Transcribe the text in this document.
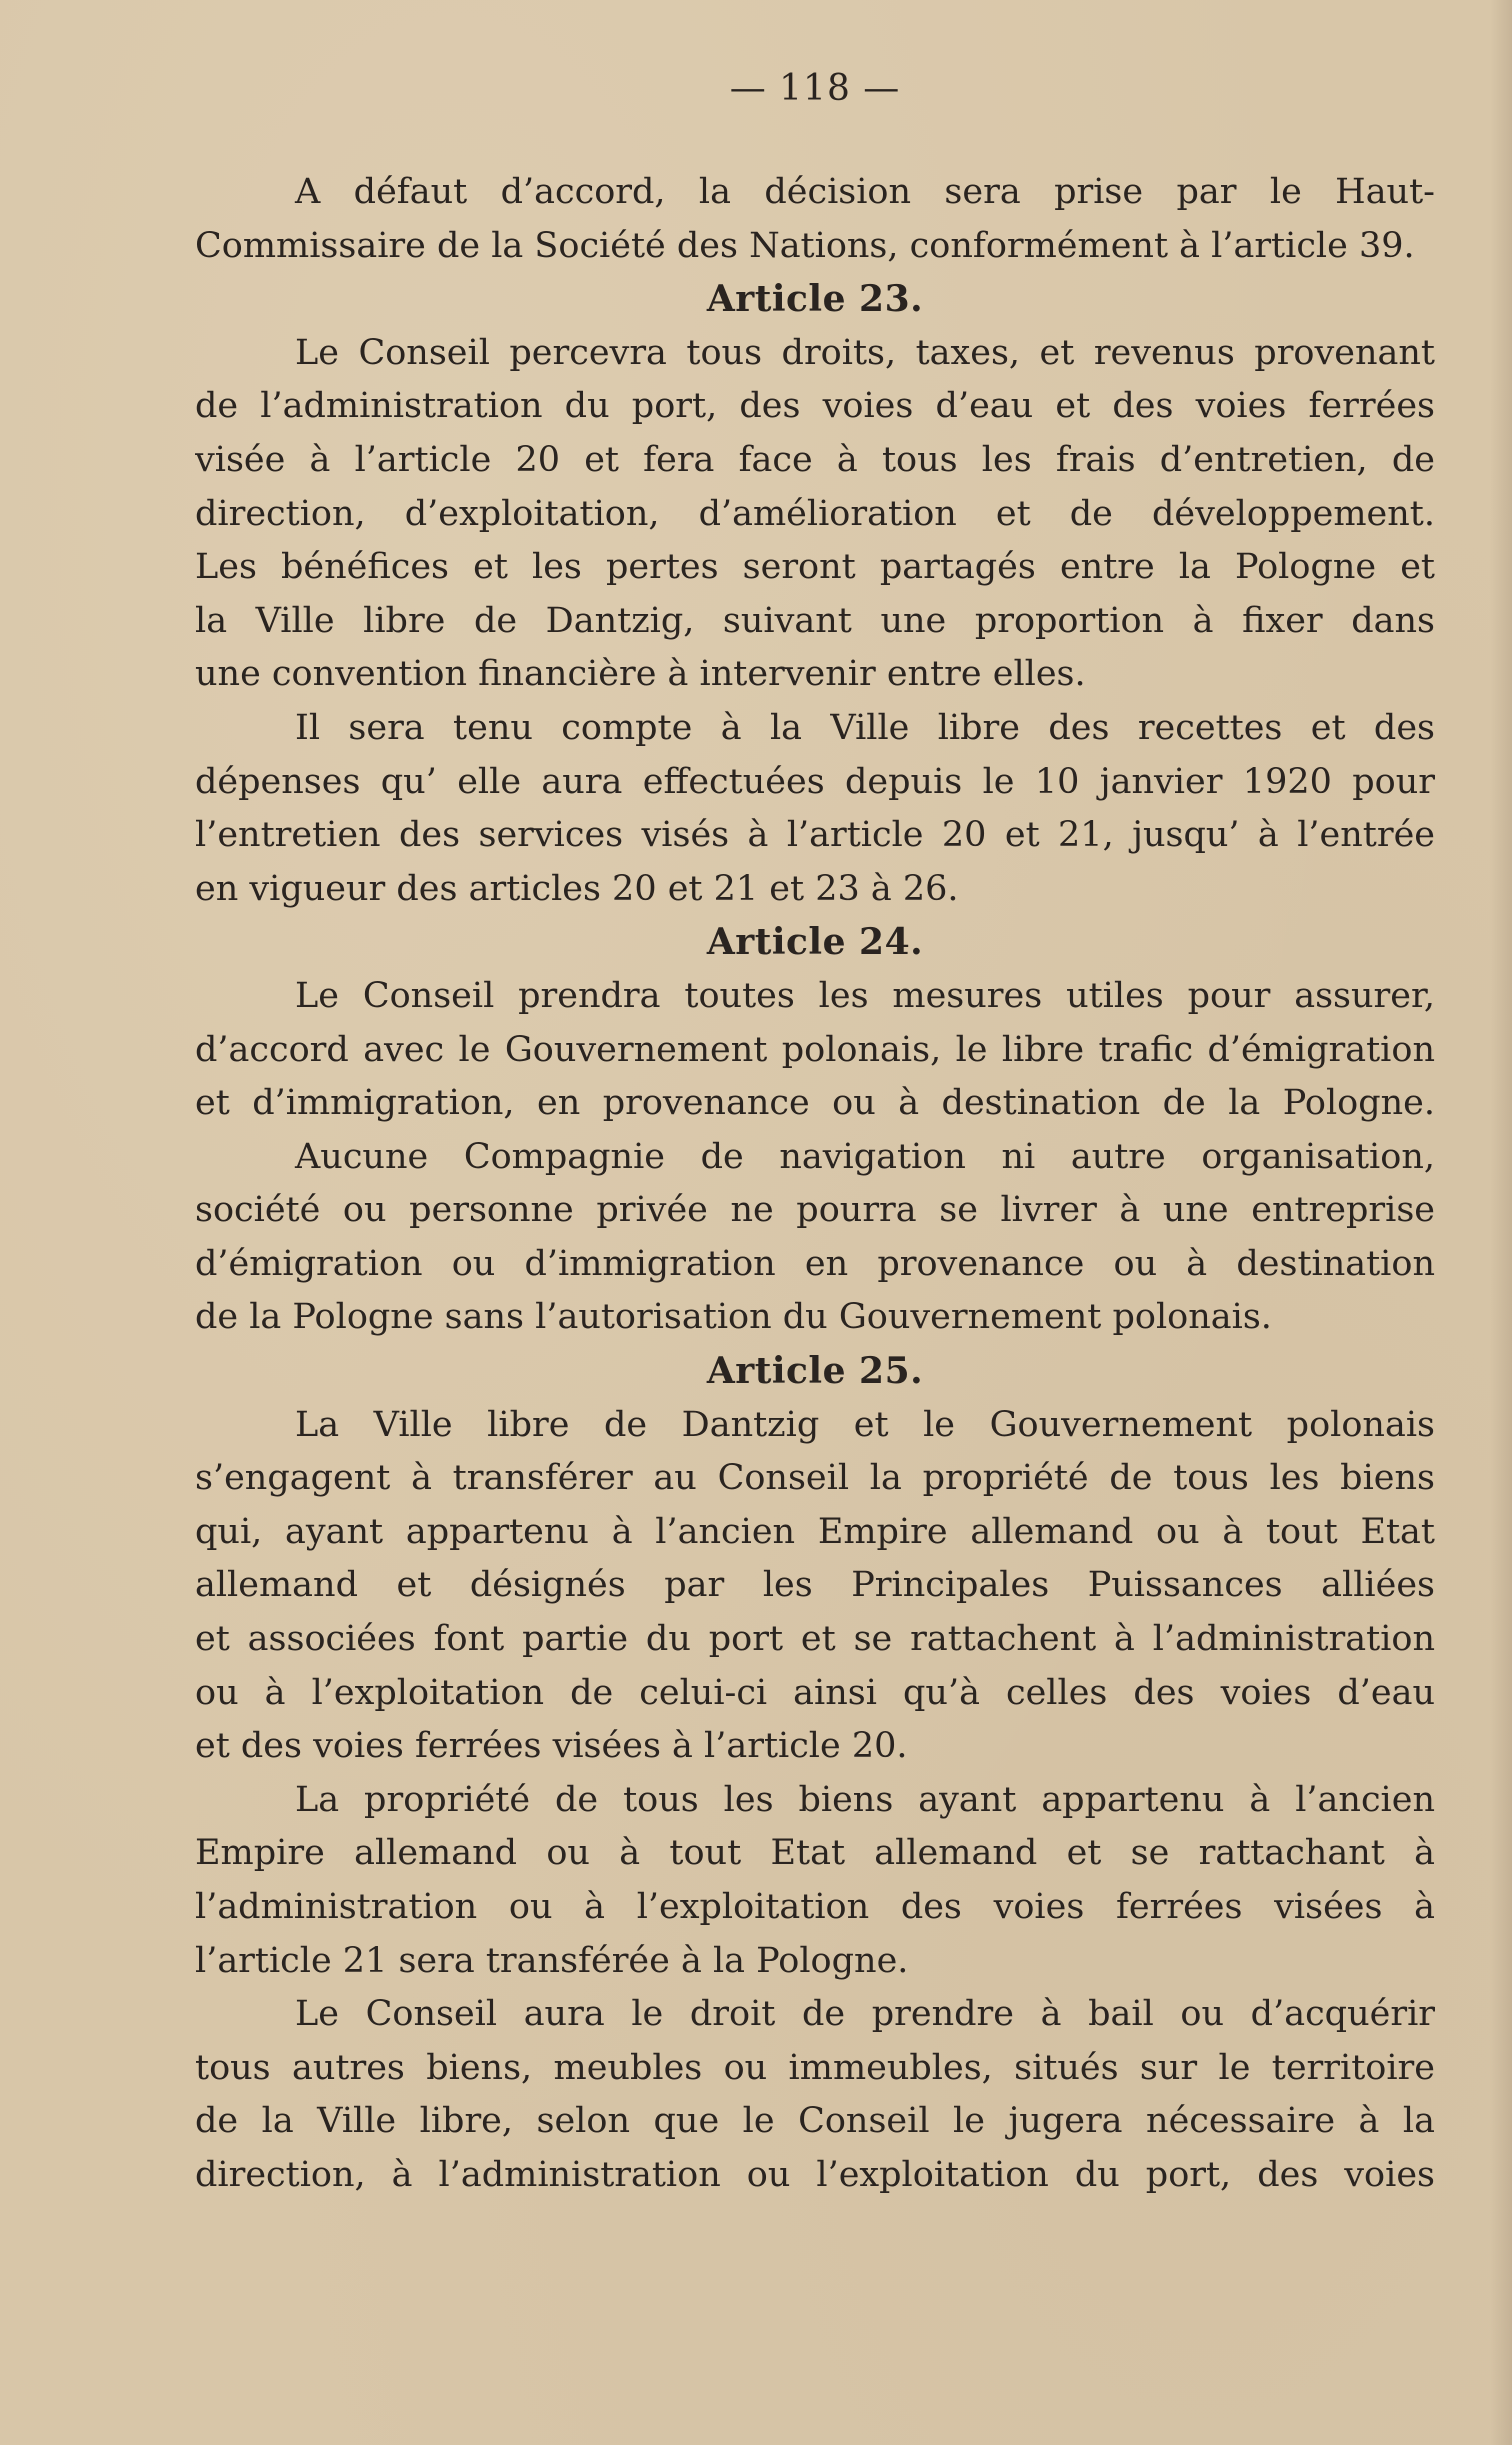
— 118 —
A défaut d’accord, la décision sera prise par le Haut-
Commissaire de la Société des Nations, conformément à l’article 39.
Article 23.
Le Conseil percevra tous droits, taxes, et revenus provenant
de l’administration du port, des voies d’eau et des voies ferrées
visée à l’article 20 et fera face à tous les frais d’entretien, de
direction, d’exploitation, d’amélioration et de développement.
Les bénéfices et les pertes seront partagés entre la Pologne et
la Ville libre de Dantzig, suivant une proportion à fixer dans
une convention financière à intervenir entre elles.
Il sera tenu compte à la Ville libre des recettes et des
dépenses qu’ elle aura effectuées depuis le 10 janvier 1920 pour
l’entretien des services visés à l’article 20 et 21, jusqu’ à l’entrée
en vigueur des articles 20 et 21 et 23 à 26.
Article 24.
Le Conseil prendra toutes les mesures utiles pour assurer,
d’accord avec le Gouvernement polonais, le libre trafic d’émigration
et d’immigration, en provenance ou à destination de la Pologne.
Aucune Compagnie de navigation ni autre organisation,
société ou personne privée ne pourra se livrer à une entreprise
d’émigration ou d’immigration en provenance ou à destination
de la Pologne sans l’autorisation du Gouvernement polonais.
Article 25.
La Ville libre de Dantzig et le Gouvernement polonais
s’engagent à transférer au Conseil la propriété de tous les biens
qui, ayant appartenu à l’ancien Empire allemand ou à tout Etat
allemand et désignés par les Principales Puissances alliées
et associées font partie du port et se rattachent à l’administration
ou à l’exploitation de celui-ci ainsi qu’à celles des voies d’eau
et des voies ferrées visées à l’article 20.
La propriété de tous les biens ayant appartenu à l’ancien
Empire allemand ou à tout Etat allemand et se rattachant à
l’administration ou à l’exploitation des voies ferrées visées à
l’article 21 sera transférée à la Pologne.
Le Conseil aura le droit de prendre à bail ou d’acquérir
tous autres biens, meubles ou immeubles, situés sur le territoire
de la Ville libre, selon que le Conseil le jugera nécessaire à la
direction, à l’administration ou l’exploitation du port, des voies
